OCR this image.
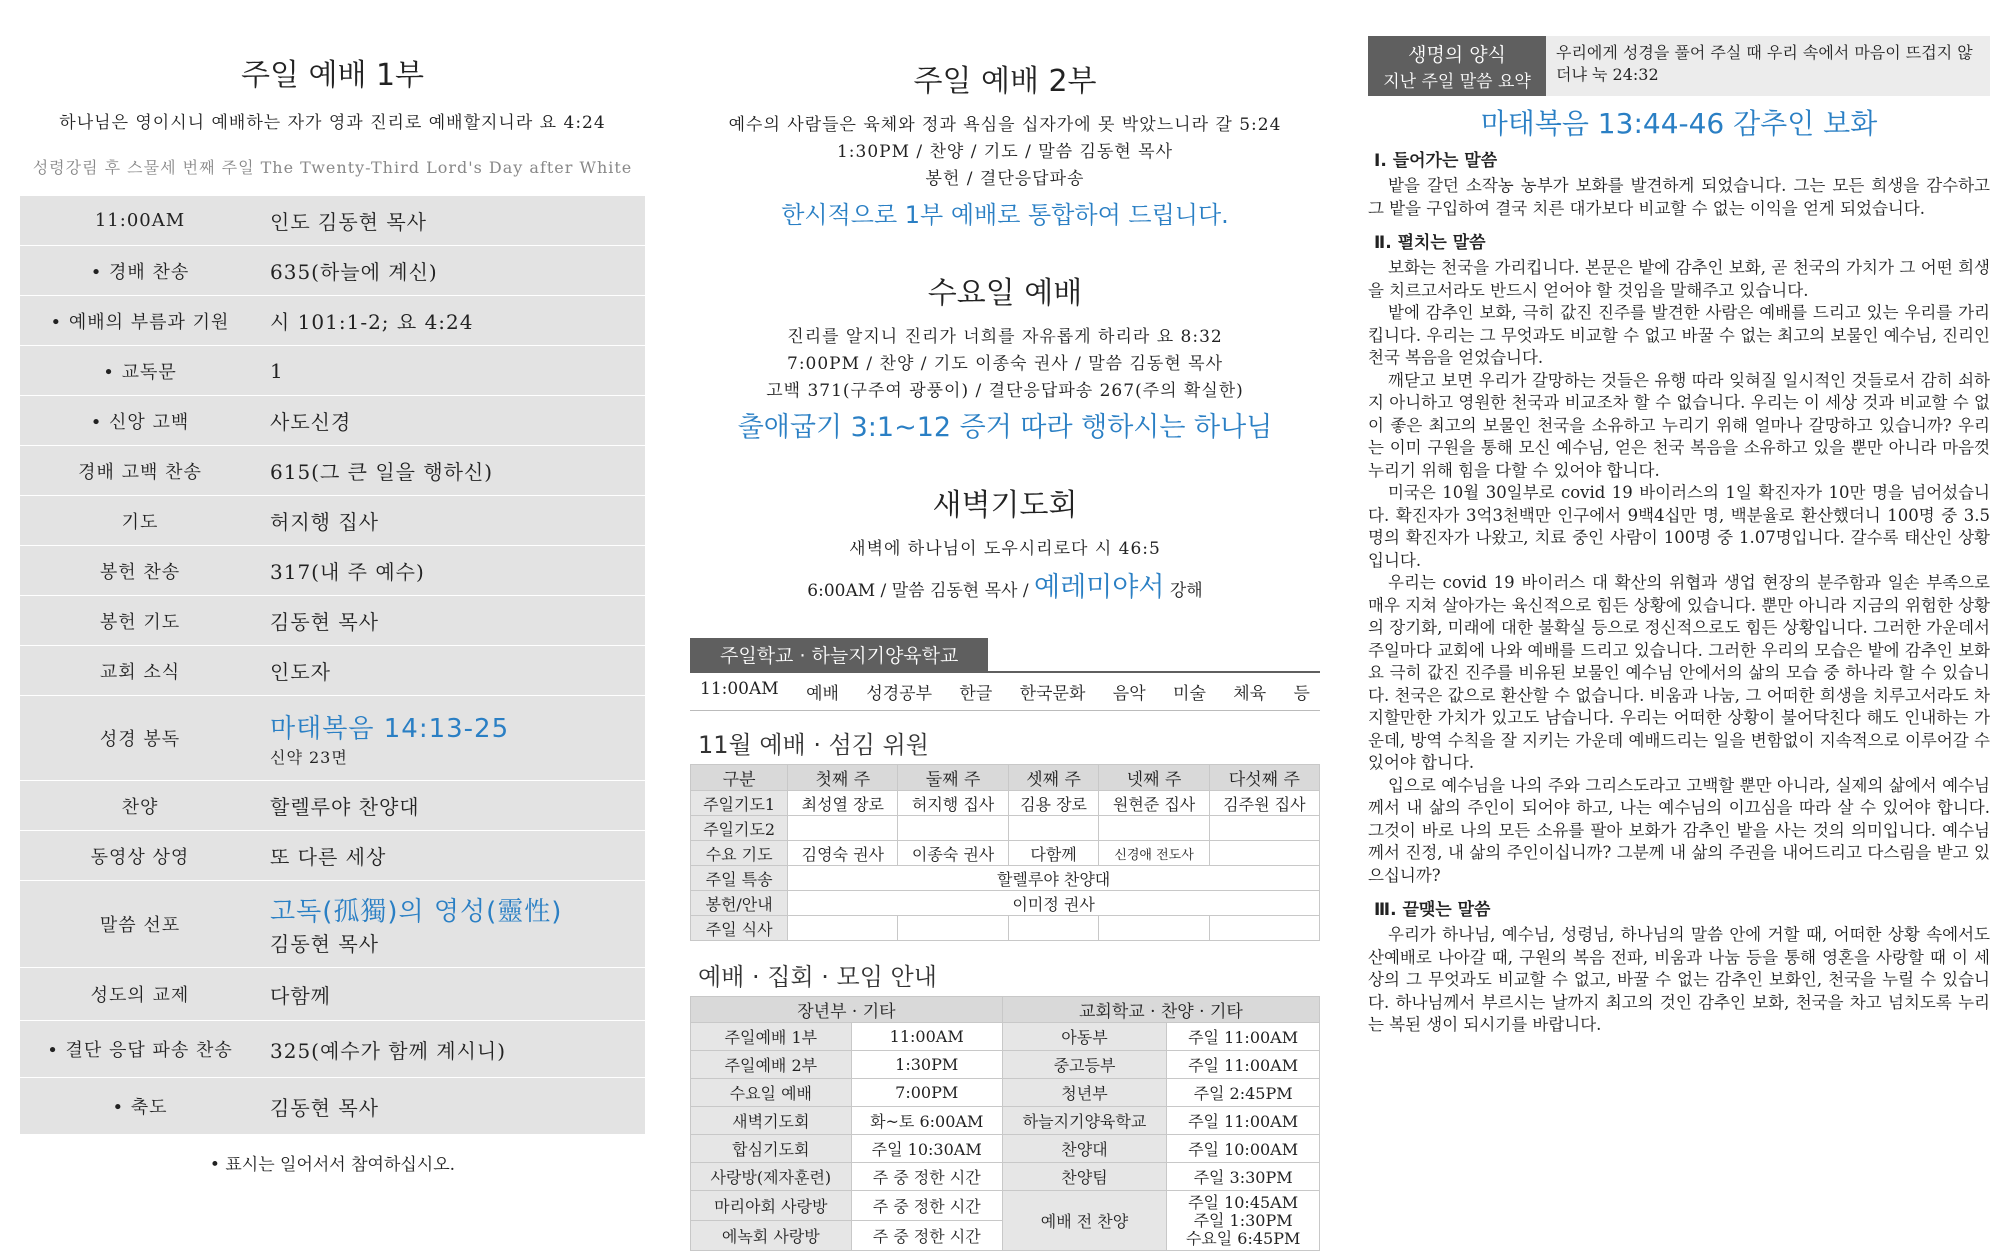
주일 예배 1부
하나님은 영이시니 예배하는 자가 영과 진리로 예배할지니라 요 4:24
성령강림 후 스물세 번째 주일 The Twenty-Third Lord's Day after White
11:00AM	인도 김동현 목사
• 경배 찬송	635(하늘에 계신)
• 예배의 부름과 기원	시 101:1-2; 요 4:24
• 교독문	1
• 신앙 고백	사도신경
경배 고백 찬송	615(그 큰 일을 행하신)
기도	허지행 집사
봉헌 찬송	317(내 주 예수)
봉헌 기도	김동현 목사
교회 소식	인도자
성경 봉독	마태복음 14:13-25
신약 23면
찬양	할렐루야 찬양대
동영상 상영	또 다른 세상
말씀 선포	고독(孤獨)의 영성(靈性)
김동현 목사
성도의 교제	다함께
• 결단 응답 파송 찬송	325(예수가 함께 계시니)
• 축도	김동현 목사
• 표시는 일어서서 참여하십시오.
주일 예배 2부
예수의 사람들은 육체와 정과 욕심을 십자가에 못 박았느니라 갈 5:24
1:30PM / 찬양 / 기도 / 말씀 김동현 목사
봉헌 / 결단응답파송
한시적으로 1부 예배로 통합하여 드립니다.
수요일 예배
진리를 알지니 진리가 너희를 자유롭게 하리라 요 8:32
7:00PM / 찬양 / 기도 이종숙 권사 / 말씀 김동현 목사
고백 371(구주여 광풍이) / 결단응답파송 267(주의 확실한)
출애굽기 3:1~12 증거 따라 행하시는 하나님
새벽기도회
새벽에 하나님이 도우시리로다 시 46:5
6:00AM / 말씀 김동현 목사 / 예레미야서 강해
주일학교 · 하늘지기양육학교
11:00AM 예배 성경공부 한글 한국문화 음악 미술 체육 등
11월 예배 · 섬김 위원
구분	첫째 주	둘째 주	셋째 주	넷째 주	다섯째 주
주일기도1	최성열 장로	허지행 집사	김용 장로	원현준 집사	김주원 집사
주일기도2					
수요 기도	김영숙 권사	이종숙 권사	다함께	신경애 전도사	
주일 특송	할렐루야 찬양대				
봉헌/안내	이미정 권사				
주일 식사					
예배 · 집회 · 모임 안내
장년부 · 기타		교회학교 · 찬양 · 기타	
주일예배 1부	11:00AM	아동부	주일 11:00AM
주일예배 2부	1:30PM	중고등부	주일 11:00AM
수요일 예배	7:00PM	청년부	주일 2:45PM
새벽기도회	화~토 6:00AM	하늘지기양육학교	주일 11:00AM
합심기도회	주일 10:30AM	찬양대	주일 10:00AM
사랑방(제자훈련)	주 중 정한 시간	찬양팀	주일 3:30PM
마리아회 사랑방	주 중 정한 시간	예배 전 찬양	주일 10:45AM
주일 1:30PM
수요일 6:45PM

에녹회 사랑방	주 중 정한 시간		
생명의 양식
지난 주일 말씀 요약
우리에게 성경을 풀어 주실 때 우리 속에서 마음이 뜨겁지 않더냐 눅 24:32
마태복음 13:44-46 감추인 보화
Ⅰ. 들어가는 말씀

밭을 갈던 소작농 농부가 보화를 발견하게 되었습니다. 그는 모든 희생을 감수하고 그 밭을 구입하여 결국 치른 대가보다 비교할 수 없는 이익을 얻게 되었습니다.

Ⅱ. 펼치는 말씀

보화는 천국을 가리킵니다. 본문은 밭에 감추인 보화, 곧 천국의 가치가 그 어떤 희생을 치르고서라도 반드시 얻어야 할 것임을 말해주고 있습니다.

밭에 감추인 보화, 극히 값진 진주를 발견한 사람은 예배를 드리고 있는 우리를 가리킵니다. 우리는 그 무엇과도 비교할 수 없고 바꿀 수 없는 최고의 보물인 예수님, 진리인 천국 복음을 얻었습니다.

깨닫고 보면 우리가 갈망하는 것들은 유행 따라 잊혀질 일시적인 것들로서 감히 쇠하지 아니하고 영원한 천국과 비교조차 할 수 없습니다. 우리는 이 세상 것과 비교할 수 없이 좋은 최고의 보물인 천국을 소유하고 누리기 위해 얼마나 갈망하고 있습니까? 우리는 이미 구원을 통해 모신 예수님, 얻은 천국 복음을 소유하고 있을 뿐만 아니라 마음껏 누리기 위해 힘을 다할 수 있어야 합니다.

미국은 10월 30일부로 covid 19 바이러스의 1일 확진자가 10만 명을 넘어섰습니다. 확진자가 3억3천백만 인구에서 9백4십만 명, 백분율로 환산했더니 100명 중 3.5명의 확진자가 나왔고, 치료 중인 사람이 100명 중 1.07명입니다. 갈수록 태산인 상황입니다.

우리는 covid 19 바이러스 대 확산의 위협과 생업 현장의 분주함과 일손 부족으로 매우 지쳐 살아가는 육신적으로 힘든 상황에 있습니다. 뿐만 아니라 지금의 위험한 상황의 장기화, 미래에 대한 불확실 등으로 정신적으로도 힘든 상황입니다. 그러한 가운데서 주일마다 교회에 나와 예배를 드리고 있습니다. 그러한 우리의 모습은 밭에 감추인 보화요 극히 값진 진주를 비유된 보물인 예수님 안에서의 삶의 모습 중 하나라 할 수 있습니다. 천국은 값으로 환산할 수 없습니다. 비움과 나눔, 그 어떠한 희생을 치루고서라도 차지할만한 가치가 있고도 남습니다. 우리는 어떠한 상황이 불어닥친다 해도 인내하는 가운데, 방역 수칙을 잘 지키는 가운데 예배드리는 일을 변함없이 지속적으로 이루어갈 수 있어야 합니다.

입으로 예수님을 나의 주와 그리스도라고 고백할 뿐만 아니라, 실제의 삶에서 예수님께서 내 삶의 주인이 되어야 하고, 나는 예수님의 이끄심을 따라 살 수 있어야 합니다. 그것이 바로 나의 모든 소유를 팔아 보화가 감추인 밭을 사는 것의 의미입니다. 예수님께서 진정, 내 삶의 주인이십니까? 그분께 내 삶의 주권을 내어드리고 다스림을 받고 있으십니까?

Ⅲ. 끝맺는 말씀

우리가 하나님, 예수님, 성령님, 하나님의 말씀 안에 거할 때, 어떠한 상황 속에서도 산예배로 나아갈 때, 구원의 복음 전파, 비움과 나눔 등을 통해 영혼을 사랑할 때 이 세상의 그 무엇과도 비교할 수 없고, 바꿀 수 없는 감추인 보화인, 천국을 누릴 수 있습니다. 하나님께서 부르시는 날까지 최고의 것인 감추인 보화, 천국을 차고 넘치도록 누리는 복된 생이 되시기를 바랍니다.
